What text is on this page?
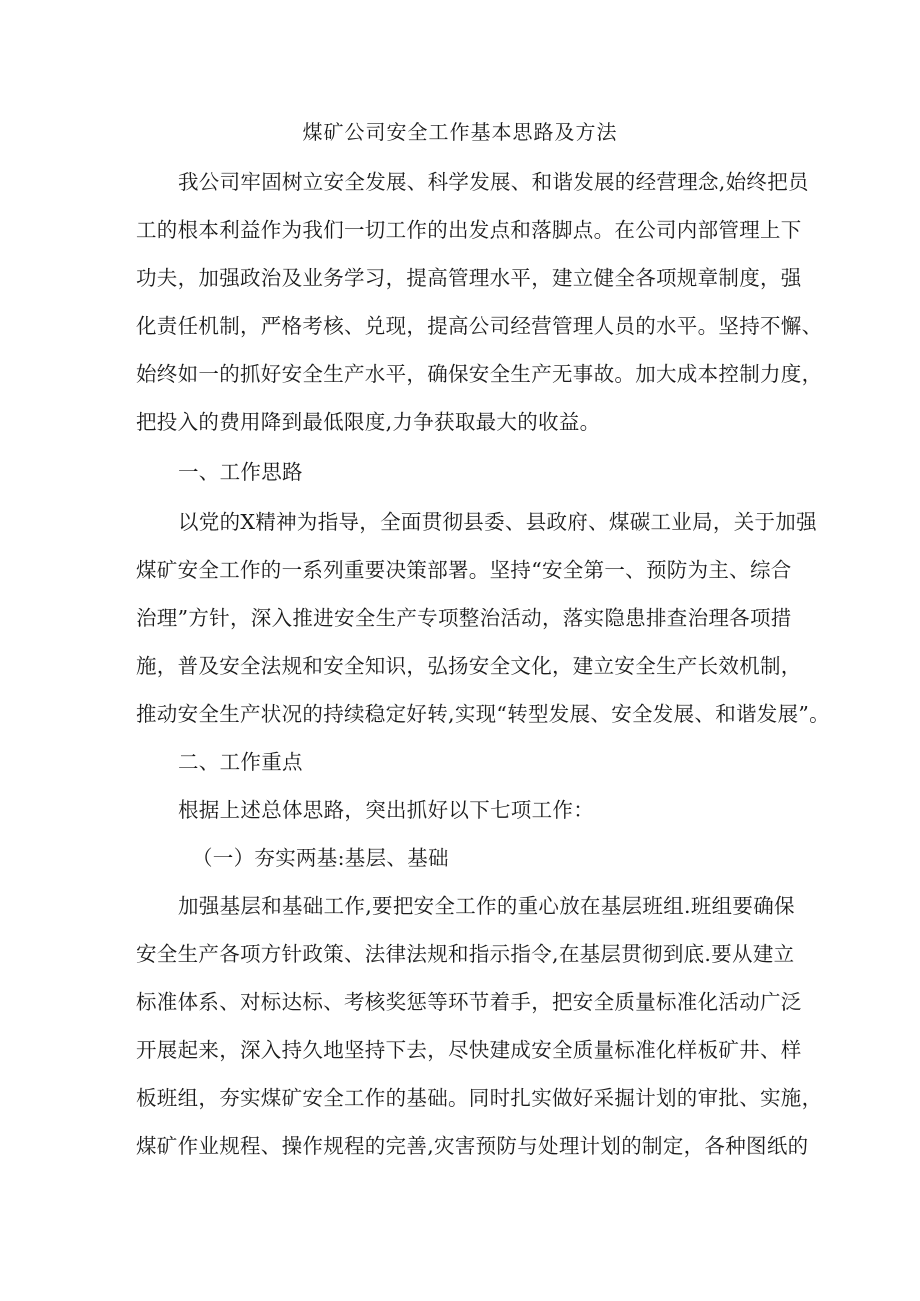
煤矿公司安全工作基本思路及方法
我公司牢固树立安全发展、科学发展、和谐发展的经营理念,始终把员
工的根本利益作为我们一切工作的出发点和落脚点。在公司内部管理上下
功夫，加强政治及业务学习，提高管理水平，建立健全各项规章制度，强
化责任机制，严格考核、兑现，提高公司经营管理人员的水平。坚持不懈、
始终如一的抓好安全生产水平，确保安全生产无事故。加大成本控制力度，
把投入的费用降到最低限度,力争获取最大的收益。
一、工作思路
以党的X精神为指导，全面贯彻县委、县政府、煤碳工业局，关于加强
煤矿安全工作的一系列重要决策部署。坚持“安全第一、预防为主、综合
治理”方针，深入推进安全生产专项整治活动，落实隐患排查治理各项措
施，普及安全法规和安全知识，弘扬安全文化，建立安全生产长效机制，
推动安全生产状况的持续稳定好转,实现“转型发展、安全发展、和谐发展”。
二、工作重点
根据上述总体思路，突出抓好以下七项工作：
（一）夯实两基:基层、基础
加强基层和基础工作,要把安全工作的重心放在基层班组.班组要确保
安全生产各项方针政策、法律法规和指示指令,在基层贯彻到底.要从建立
标准体系、对标达标、考核奖惩等环节着手，把安全质量标准化活动广泛
开展起来，深入持久地坚持下去，尽快建成安全质量标准化样板矿井、样
板班组，夯实煤矿安全工作的基础。同时扎实做好采掘计划的审批、实施，
煤矿作业规程、操作规程的完善,灾害预防与处理计划的制定，各种图纸的
